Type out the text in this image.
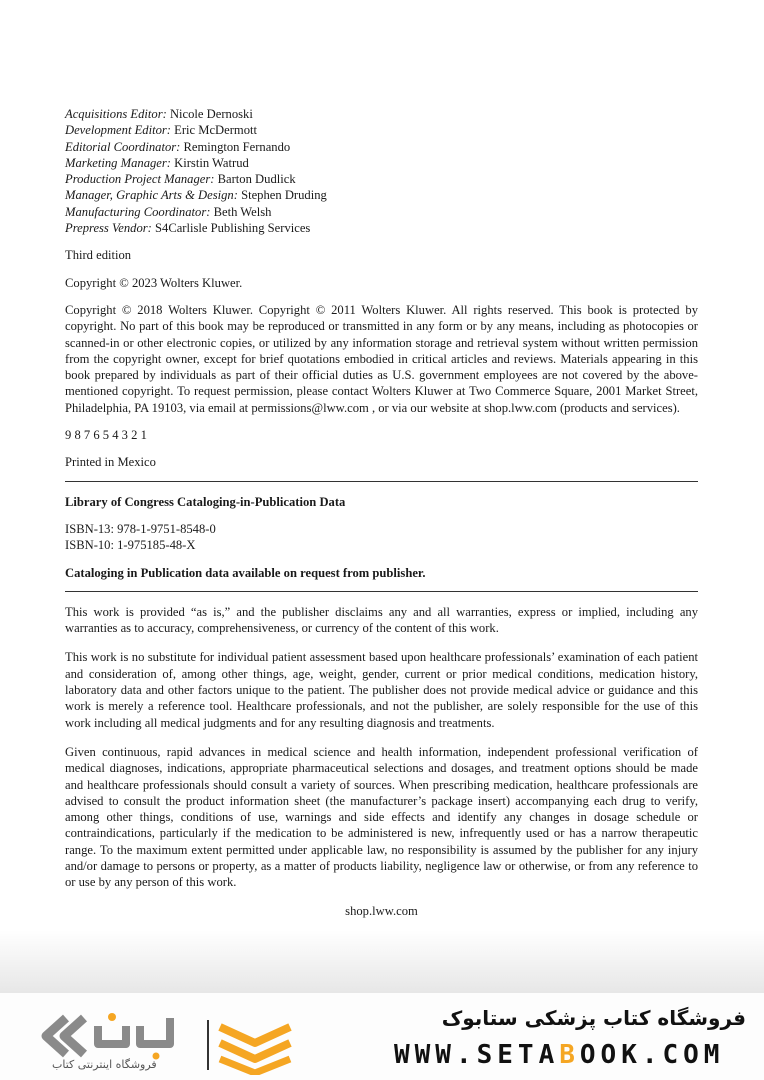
Acquisitions Editor: Nicole Dernoski
Development Editor: Eric McDermott
Editorial Coordinator: Remington Fernando
Marketing Manager: Kirstin Watrud
Production Project Manager: Barton Dudlick
Manager, Graphic Arts & Design: Stephen Druding
Manufacturing Coordinator: Beth Welsh
Prepress Vendor: S4Carlisle Publishing Services

Third edition

Copyright © 2023 Wolters Kluwer.

Copyright © 2018 Wolters Kluwer. Copyright © 2011 Wolters Kluwer. All rights reserved. This book is protected by copyright. No part of this book may be reproduced or transmitted in any form or by any means, including as photocopies or scanned-in or other electronic copies, or utilized by any information storage and retrieval system without written permission from the copyright owner, except for brief quotations embodied in critical articles and reviews. Materials appearing in this book prepared by individuals as part of their official duties as U.S. government employees are not covered by the above-mentioned copyright. To request permission, please contact Wolters Kluwer at Two Commerce Square, 2001 Market Street, Philadelphia, PA 19103, via email at permissions@lww.com , or via our website at shop.lww.com (products and services).

9 8 7 6 5 4 3 2 1

Printed in Mexico

Library of Congress Cataloging-in-Publication Data

ISBN-13: 978-1-9751-8548-0

ISBN-10: 1-975185-48-X

Cataloging in Publication data available on request from publisher.

This work is provided “as is,” and the publisher disclaims any and all warranties, express or implied, including any warranties as to accuracy, comprehensiveness, or currency of the content of this work.

This work is no substitute for individual patient assessment based upon healthcare professionals’ examination of each patient and consideration of, among other things, age, weight, gender, current or prior medical conditions, medication history, laboratory data and other factors unique to the patient. The publisher does not provide medical advice or guidance and this work is merely a reference tool. Healthcare professionals, and not the publisher, are solely responsible for the use of this work including all medical judgments and for any resulting diagnosis and treatments.

Given continuous, rapid advances in medical science and health information, independent professional verification of medical diagnoses, indications, appropriate pharmaceutical selections and dosages, and treatment options should be made and healthcare professionals should consult a variety of sources. When prescribing medication, healthcare professionals are advised to consult the product information sheet (the manufacturer’s package insert) accompanying each drug to verify, among other things, conditions of use, warnings and side effects and identify any changes in dosage schedule or contraindications, particularly if the medication to be administered is new, infrequently used or has a narrow therapeutic range. To the maximum extent permitted under applicable law, no responsibility is assumed by the publisher for any injury and/or damage to persons or property, as a matter of products liability, negligence law or otherwise, or from any reference to or use by any person of this work.

shop.lww.com

فروشگاه اینترنتی کتاب
فروشگاه کتاب پزشکی ستابوک
WWW.SETABOOK.COM
